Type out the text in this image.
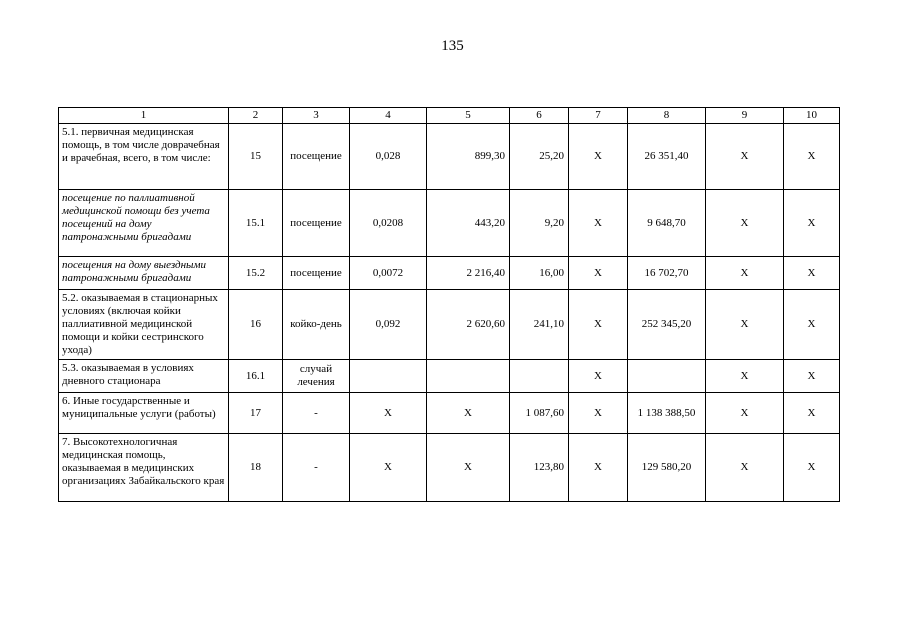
135
1	2	3	4	5	6	7	8	9	10
5.1. первичная медицинская помощь, в том числе доврачебная и врачебная, всего, в том числе:	15	посещение	0,028	899,30	25,20	Х	26 351,40	Х	Х
посещение по паллиативной медицинской помощи без учета посещений на дому патронажными бригадами	15.1	посещение	0,0208	443,20	9,20	Х	9 648,70	Х	Х
посещения на дому выездными патронажными бригадами	15.2	посещение	0,0072	2 216,40	16,00	Х	16 702,70	Х	Х
5.2. оказываемая в стационарных условиях (включая койки паллиативной медицинской помощи и койки сестринского ухода)	16	койко-день	0,092	2 620,60	241,10	Х	252 345,20	Х	Х
5.3. оказываемая в условиях дневного стационара	16.1	случай лечения				Х		Х	Х
6. Иные государственные и муниципальные услуги (работы)	17	-	Х	Х	1 087,60	Х	1 138 388,50	Х	Х
7. Высокотехнологичная медицинская помощь, оказываемая в медицинских организациях Забайкальского края	18	-	Х	Х	123,80	Х	129 580,20	Х	Х
